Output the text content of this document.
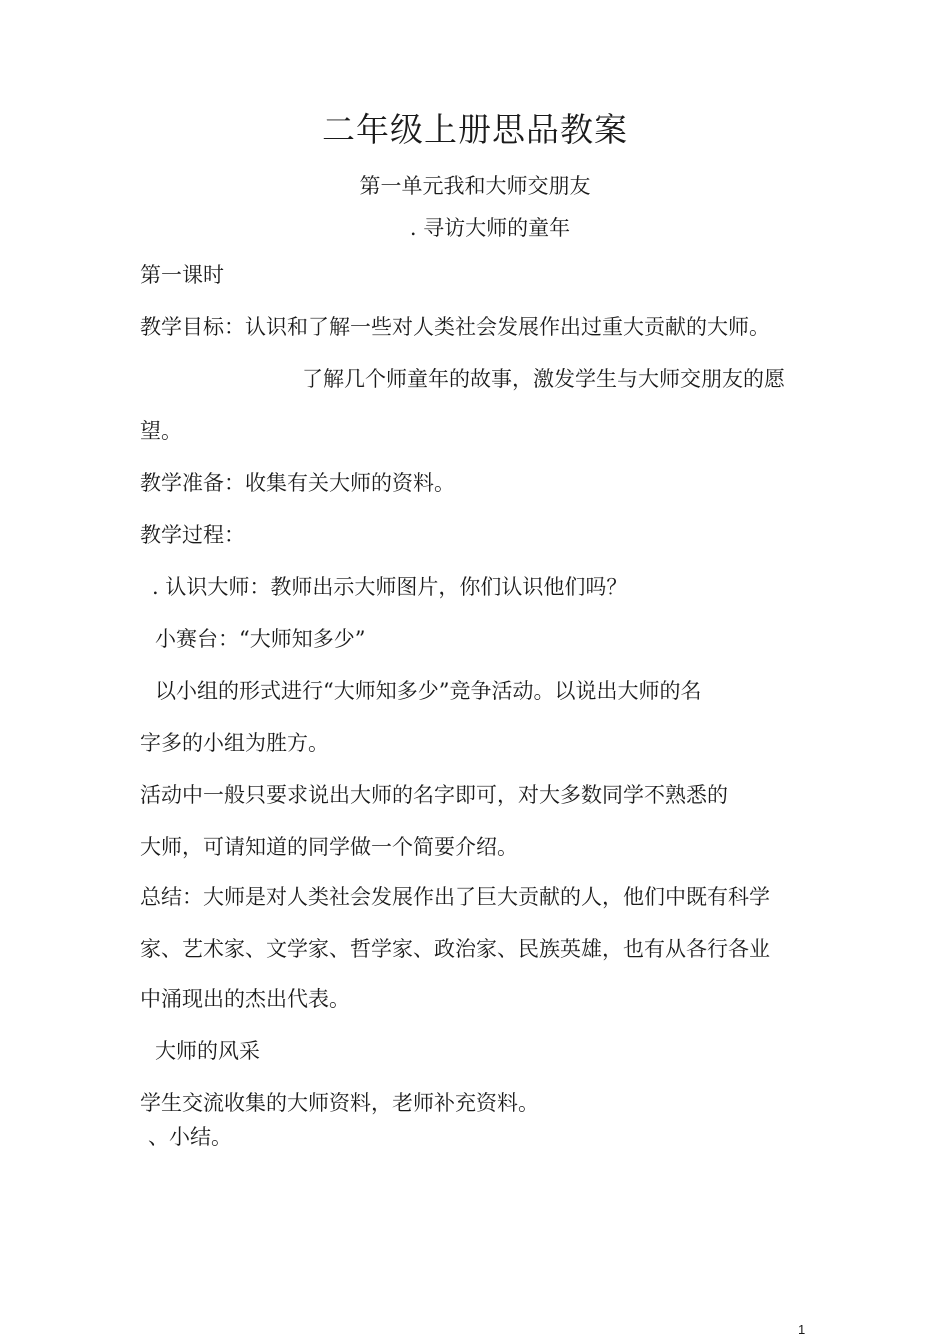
二年级上册思品教案
第一单元我和大师交朋友
. 寻访大师的童年
第一课时
教学目标：认识和了解一些对人类社会发展作出过重大贡献的大师。
了解几个师童年的故事，激发学生与大师交朋友的愿
望。
教学准备：收集有关大师的资料。
教学过程：
. 认识大师：教师出示大师图片，你们认识他们吗？
小赛台：“大师知多少”
以小组的形式进行“大师知多少”竞争活动。以说出大师的名
字多的小组为胜方。
活动中一般只要求说出大师的名字即可，对大多数同学不熟悉的
大师，可请知道的同学做一个简要介绍。
总结：大师是对人类社会发展作出了巨大贡献的人，他们中既有科学
家、艺术家、文学家、哲学家、政治家、民族英雄，也有从各行各业
中涌现出的杰出代表。
大师的风采
学生交流收集的大师资料，老师补充资料。
、小结。
1
